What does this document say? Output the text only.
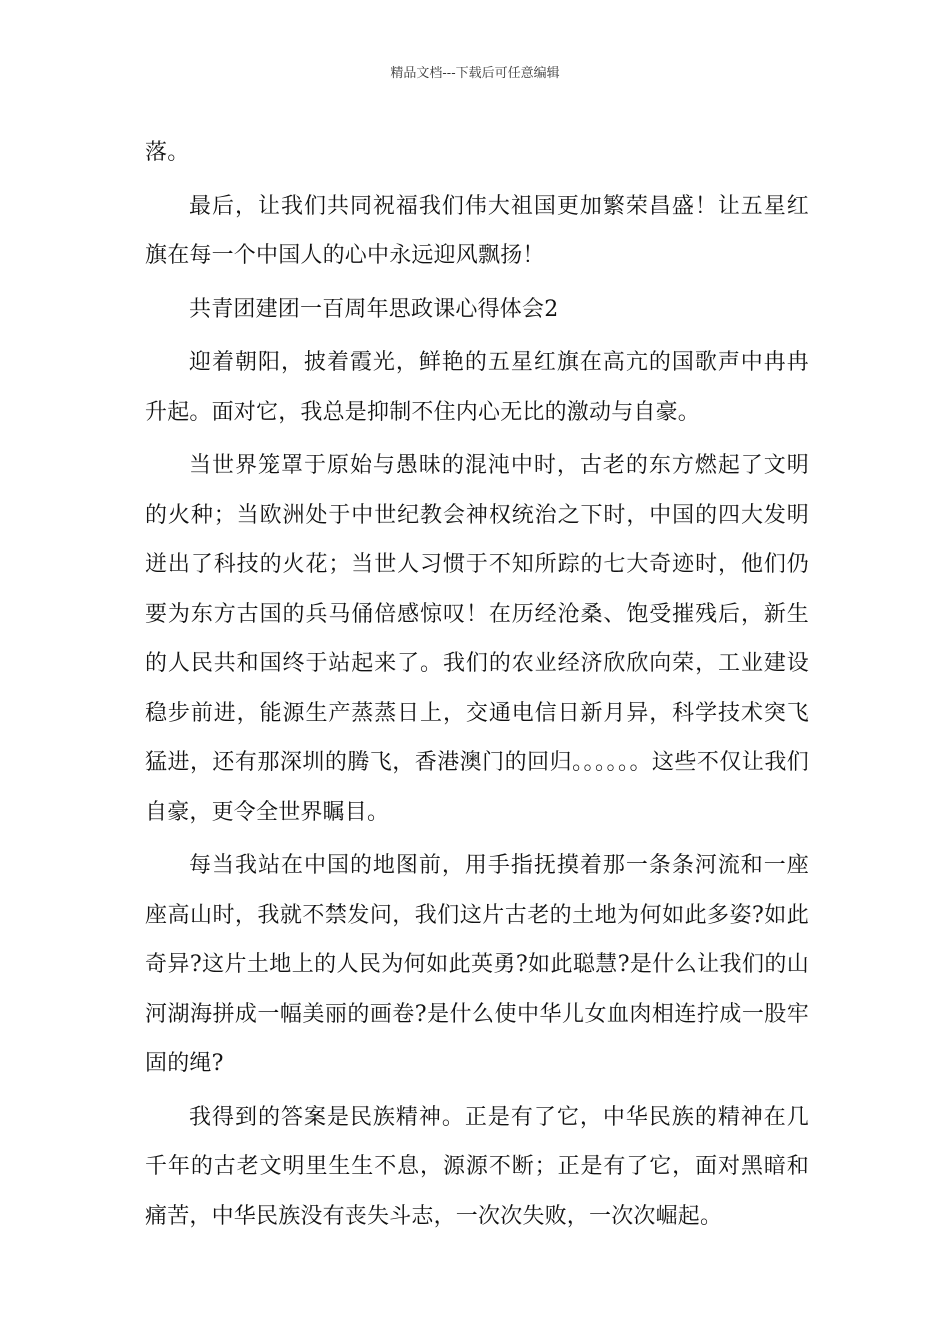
精品文档---下载后可任意编辑

落。

最后，让我们共同祝福我们伟大祖国更加繁荣昌盛！让五星红旗在每一个中国人的心中永远迎风飘扬！

共青团建团一百周年思政课心得体会2

迎着朝阳，披着霞光，鲜艳的五星红旗在高亢的国歌声中冉冉升起。面对它，我总是抑制不住内心无比的激动与自豪。

当世界笼罩于原始与愚昧的混沌中时，古老的东方燃起了文明的火种；当欧洲处于中世纪教会神权统治之下时，中国的四大发明迸出了科技的火花；当世人习惯于不知所踪的七大奇迹时，他们仍要为东方古国的兵马俑倍感惊叹！在历经沧桑、饱受摧残后，新生的人民共和国终于站起来了。我们的农业经济欣欣向荣，工业建设稳步前进，能源生产蒸蒸日上，交通电信日新月异，科学技术突飞猛进，还有那深圳的腾飞，香港澳门的回归。。。。。。这些不仅让我们自豪，更令全世界瞩目。

每当我站在中国的地图前，用手指抚摸着那一条条河流和一座座高山时，我就不禁发问，我们这片古老的土地为何如此多姿?如此奇异?这片土地上的人民为何如此英勇?如此聪慧?是什么让我们的山河湖海拼成一幅美丽的画卷?是什么使中华儿女血肉相连拧成一股牢固的绳?

我得到的答案是民族精神。正是有了它，中华民族的精神在几千年的古老文明里生生不息，源源不断；正是有了它，面对黑暗和痛苦，中华民族没有丧失斗志，一次次失败，一次次崛起。
